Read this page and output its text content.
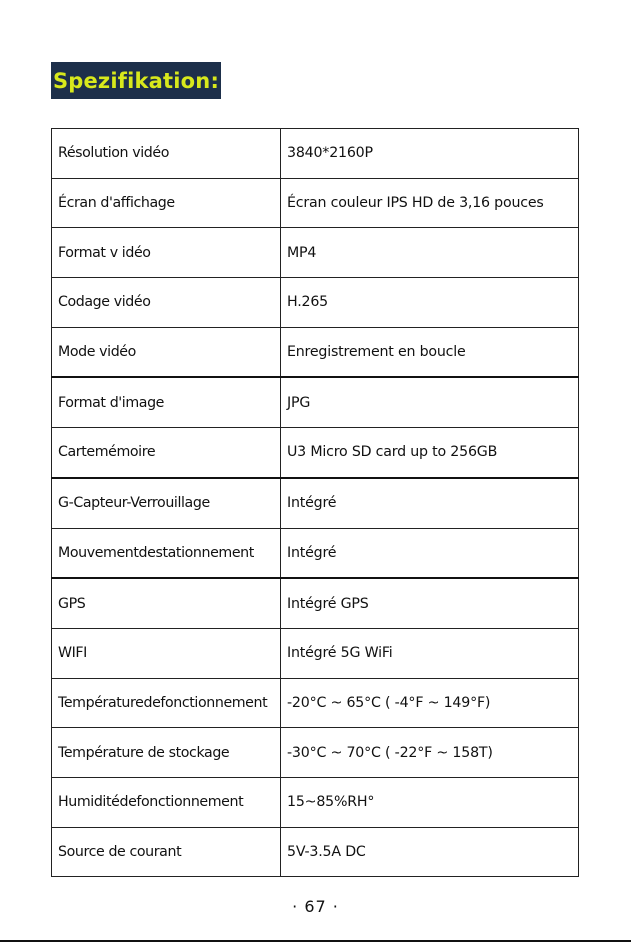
Spezifikation:
Résolution vidéo	3840*2160P
Écran d'affichage	Écran couleur IPS HD de 3,16 pouces
Format v idéo	MP4
Codage vidéo	H.265
Mode vidéo	Enregistrement en boucle
Format d'image	JPG
Cartemémoire	U3 Micro SD card up to 256GB
G-Capteur-Verrouillage	Intégré
Mouvementdestationnement	Intégré
GPS	Intégré GPS
WIFI	Intégré 5G WiFi
Températuredefonctionnement	-20°C ~ 65°C ( -4°F ~ 149°F)
Température de stockage	-30°C ~ 70°C ( -22°F ~ 158T)
Humiditédefonctionnement	15~85%RH°
Source de courant	5V-3.5A DC
· 67 ·
